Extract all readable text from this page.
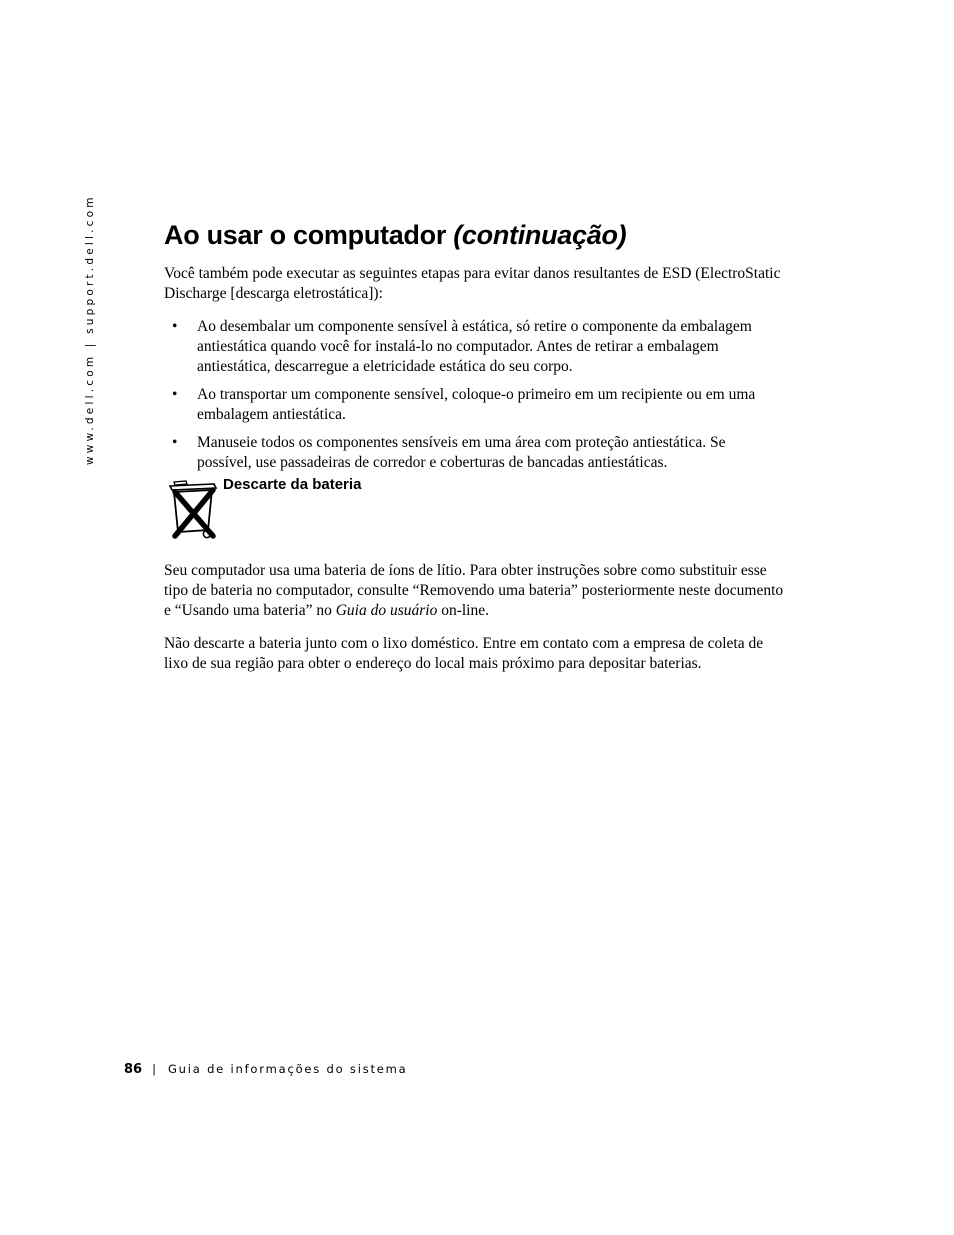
www.dell.com | support.dell.com	Ao usar o computador (continuação)

Você também pode executar as seguintes etapas para evitar danos resultantes de ESD (ElectroStatic Discharge [descarga eletrostática]):

• Ao desembalar um componente sensível à estática, só retire o componente da embalagem antiestática quando você for instalá-lo no computador. Antes de retirar a embalagem antiestática, descarregue a eletricidade estática do seu corpo.
• Ao transportar um componente sensível, coloque-o primeiro em um recipiente ou em uma embalagem antiestática.
• Manuseie todos os componentes sensíveis em uma área com proteção antiestática. Se possível, use passadeiras de corredor e coberturas de bancadas antiestáticas.
Descarte da bateria

Seu computador usa uma bateria de íons de lítio. Para obter instruções sobre como substituir esse tipo de bateria no computador, consulte “Removendo uma bateria” posteriormente neste documento e “Usando uma bateria” no Guia do usuário on-line.

Não descarte a bateria junto com o lixo doméstico. Entre em contato com a empresa de coleta de lixo de sua região para obter o endereço do local mais próximo para depositar baterias.

86 | Guia de informações do sistema
